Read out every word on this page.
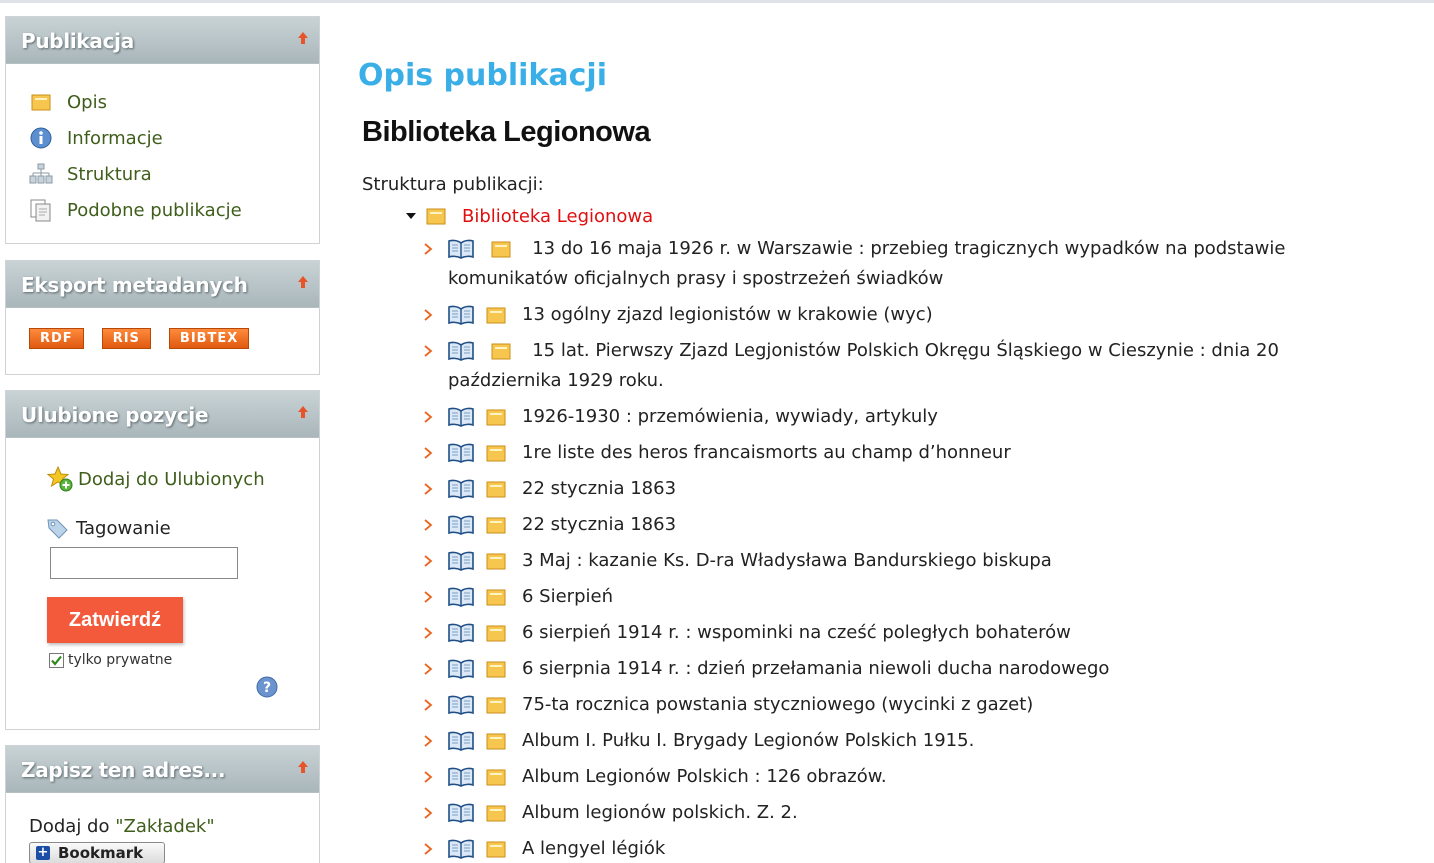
Publikacja
Opis
Informacje
Struktura
Podobne publikacje
Eksport metadanych
RDF	RIS	BIBTEX
Ulubione pozycje
Dodaj do Ulubionych
Tagowanie
Zatwierdź
tylko prywatne
?
Zapisz ten adres...
Dodaj do "Zakładek"
+ Bookmark
Opis publikacji
Biblioteka Legionowa
Struktura publikacji:
Biblioteka Legionowa

13 do 16 maja 1926 r. w Warszawie : przebieg tragicznych wypadków na podstawie komunikatów oficjalnych prasy i spostrzeżeń świadków
13 ogólny zjazd legionistów w krakowie (wyc)

15 lat. Pierwszy Zjazd Legjonistów Polskich Okręgu Śląskiego w Cieszynie : dnia 20 października 1929 roku.
1926-1930 : przemówienia, wywiady, artykuly
1re liste des heros francaismorts au champ d’honneur
22 stycznia 1863
22 stycznia 1863
3 Maj : kazanie Ks. D-ra Władysława Bandurskiego biskupa
6 Sierpień
6 sierpień 1914 r. : wspominki na cześć poległych bohaterów
6 sierpnia 1914 r. : dzień przełamania niewoli ducha narodowego
75-ta rocznica powstania styczniowego (wycinki z gazet)
Album I. Pułku I. Brygady Legionów Polskich 1915.
Album Legionów Polskich : 126 obrazów.
Album legionów polskich. Z. 2.
A lengyel légiók
